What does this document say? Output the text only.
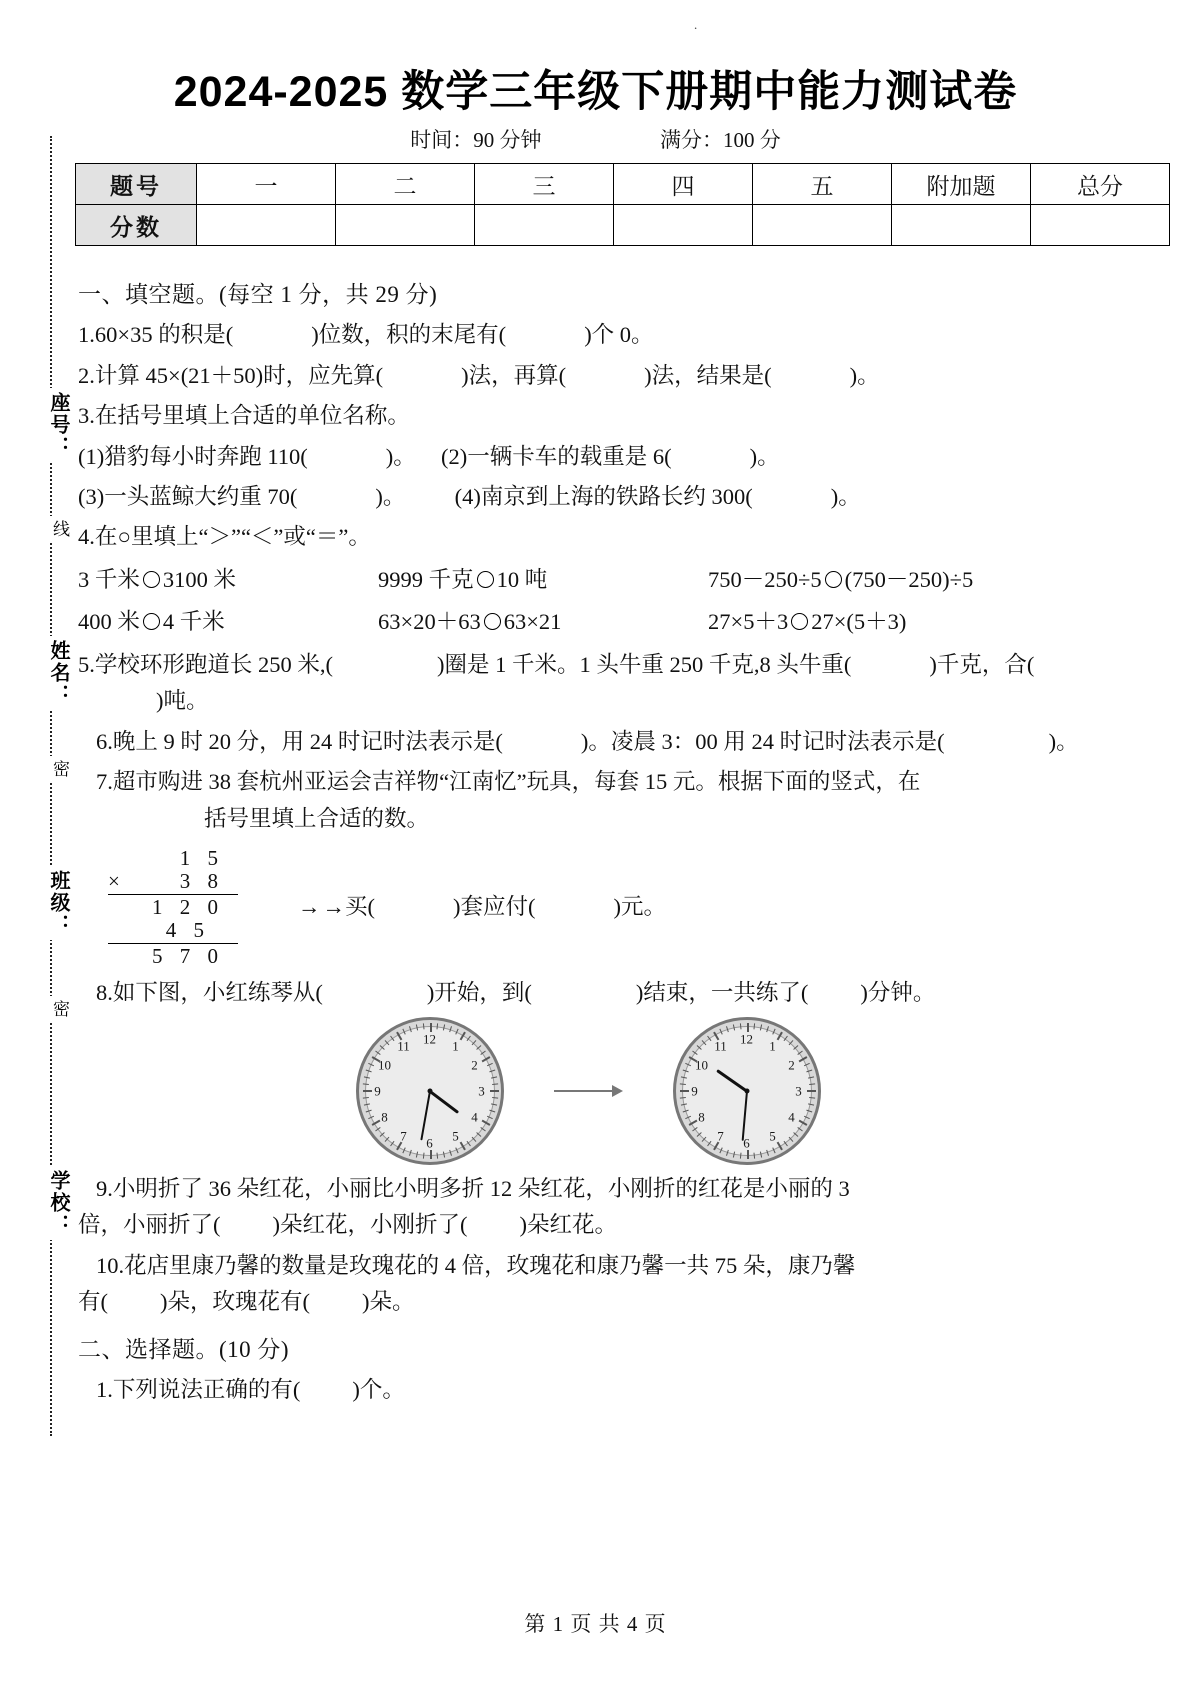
.
2024-2025 数学三年级下册期中能力测试卷
时间：90 分钟	满分：100 分
座号：
线
姓名：
密
班级：
密
学校：
题号	一	二	三	四	五	附加题	总分
分数							
一、填空题。(每空 1 分，共 29 分)
1.60×35 的积是(	)位数，积的末尾有(	)个 0。
2.计算 45×(21＋50)时，应先算(	)法，再算(	)法，结果是(	)。
3.在括号里填上合适的单位名称。
(1)猎豹每小时奔跑 110(	)。 (2)一辆卡车的载重是 6(	)。
(3)一头蓝鲸大约重 70(	)。 (4)南京到上海的铁路长约 300(	)。
4.在○里填上“＞”“＜”或“＝”。
3 千米 3100 米	9999 千克 10 吨	750－250÷5 (750－250)÷5
400 米 4 千米	63×20＋63 63×21	27×5＋3 27×(5＋3)
5.学校环形跑道长 250 米,(	)圈是 1 千米。1 头牛重 250 千克,8 头牛重(	)千克，合()吨。
6.晚上 9 时 20 分，用 24 时记时法表示是(	)。凌晨 3：00 用 24 时记时法表示是(	)。
7.超市购进 38 套杭州亚运会吉祥物“江南忆”玩具，每套 15 元。根据下面的竖式，在
括号里填上合适的数。
1 5
×	3 8
1 2 0
4 5
5 7 0
→→买(	)套应付(	)元。
8.如下图，小红练琴从(	)开始，到(	)结束，一共练了( )分钟。
12 1
2
3
4
5
6
7
8
9
10
11	12 1
2
3
4
5
6
7
8
9
10
11
9.小明折了 36 朵红花，小丽比小明多折 12 朵红花，小刚折的红花是小丽的 3
倍，小丽折了( )朵红花，小刚折了( )朵红花。
10.花店里康乃馨的数量是玫瑰花的 4 倍，玫瑰花和康乃馨一共 75 朵，康乃馨
有( )朵，玫瑰花有( )朵。
二、选择题。(10 分)
1.下列说法正确的有( )个。
第 1 页 共 4 页
